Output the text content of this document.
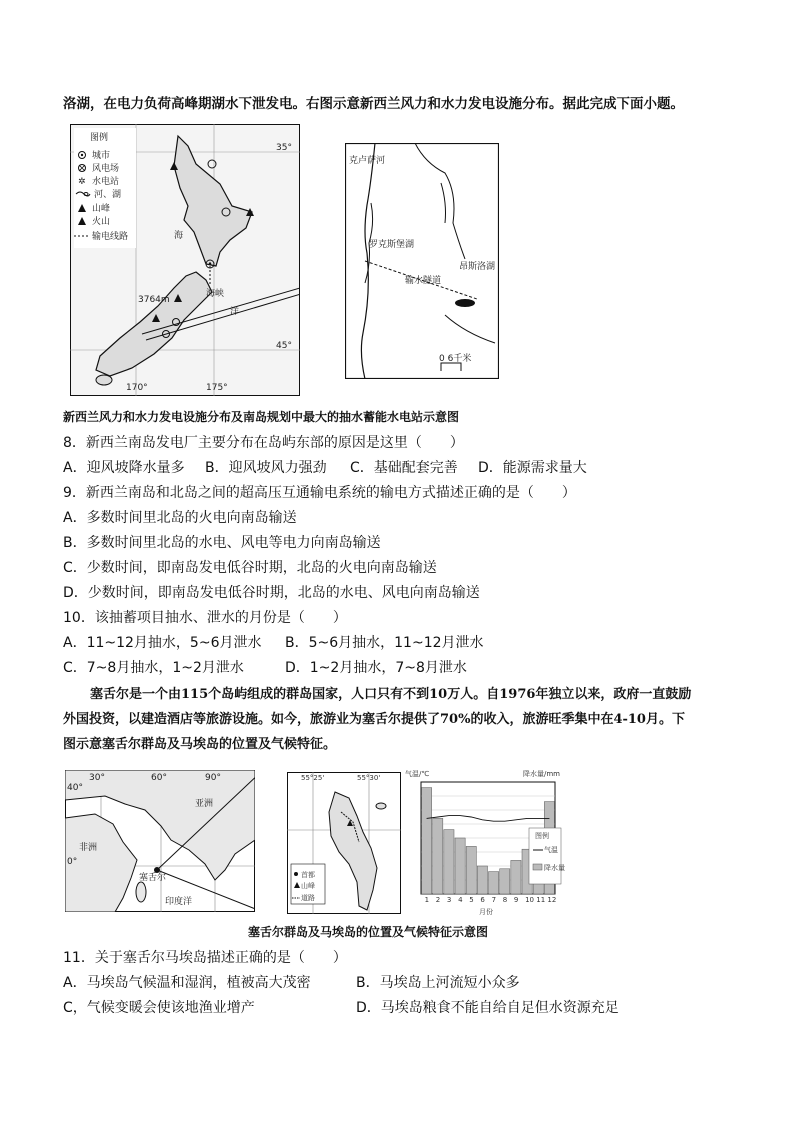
洛湖，在电力负荷高峰期湖水下泄发电。右图示意新西兰风力和水力发电设施分布。据此完成下面小题。
图例
城市
风电场
✲ 水电站
河、湖
山峰
火山
输电线路
35°
45°
170°	175°
海
海峡
洋
3764m
克卢萨河
罗克斯堡湖
输水隧道
昂斯洛湖
0 6千米
新西兰风力和水力发电设施分布及南岛规划中最大的抽水蓄能水电站示意图
8．新西兰南岛发电厂主要分布在岛屿东部的原因是这里（　　）
A．迎风坡降水量多 B．迎风坡风力强劲 C．基础配套完善 D．能源需求量大
9．新西兰南岛和北岛之间的超高压互通输电系统的输电方式描述正确的是（　　）
A．多数时间里北岛的火电向南岛输送
B．多数时间里北岛的水电、风电等电力向南岛输送
C．少数时间，即南岛发电低谷时期，北岛的火电向南岛输送
D．少数时间，即南岛发电低谷时期，北岛的水电、风电向南岛输送
10．该抽蓄项目抽水、泄水的月份是（　　）
A．11~12月抽水，5~6月泄水 B．5~6月抽水，11~12月泄水
C．7~8月抽水，1~2月泄水	D．1~2月抽水，7~8月泄水
塞舌尔是一个由115个岛屿组成的群岛国家，人口只有不到10万人。自1976年独立以来，政府一直鼓励
外国投资，以建造酒店等旅游设施。如今，旅游业为塞舌尔提供了70%的收入，旅游旺季集中在4-10月。下
图示意塞舌尔群岛及马埃岛的位置及气候特征。
30°	60°	90°
40°
0°
亚洲
非洲
印度洋
塞舌尔	首都
山峰
道路
55°25'	55°30'	气温/℃	降水量/mm
月份
1 2 3 4 5 6 7 8 9 10 11 12
图例
气温
降水量
塞舌尔群岛及马埃岛的位置及气候特征示意图
11．关于塞舌尔马埃岛描述正确的是（　　）
A．马埃岛气候温和湿润，植被高大茂密	B．马埃岛上河流短小众多
C，气候变暖会使该地渔业增产	D．马埃岛粮食不能自给自足但水资源充足
